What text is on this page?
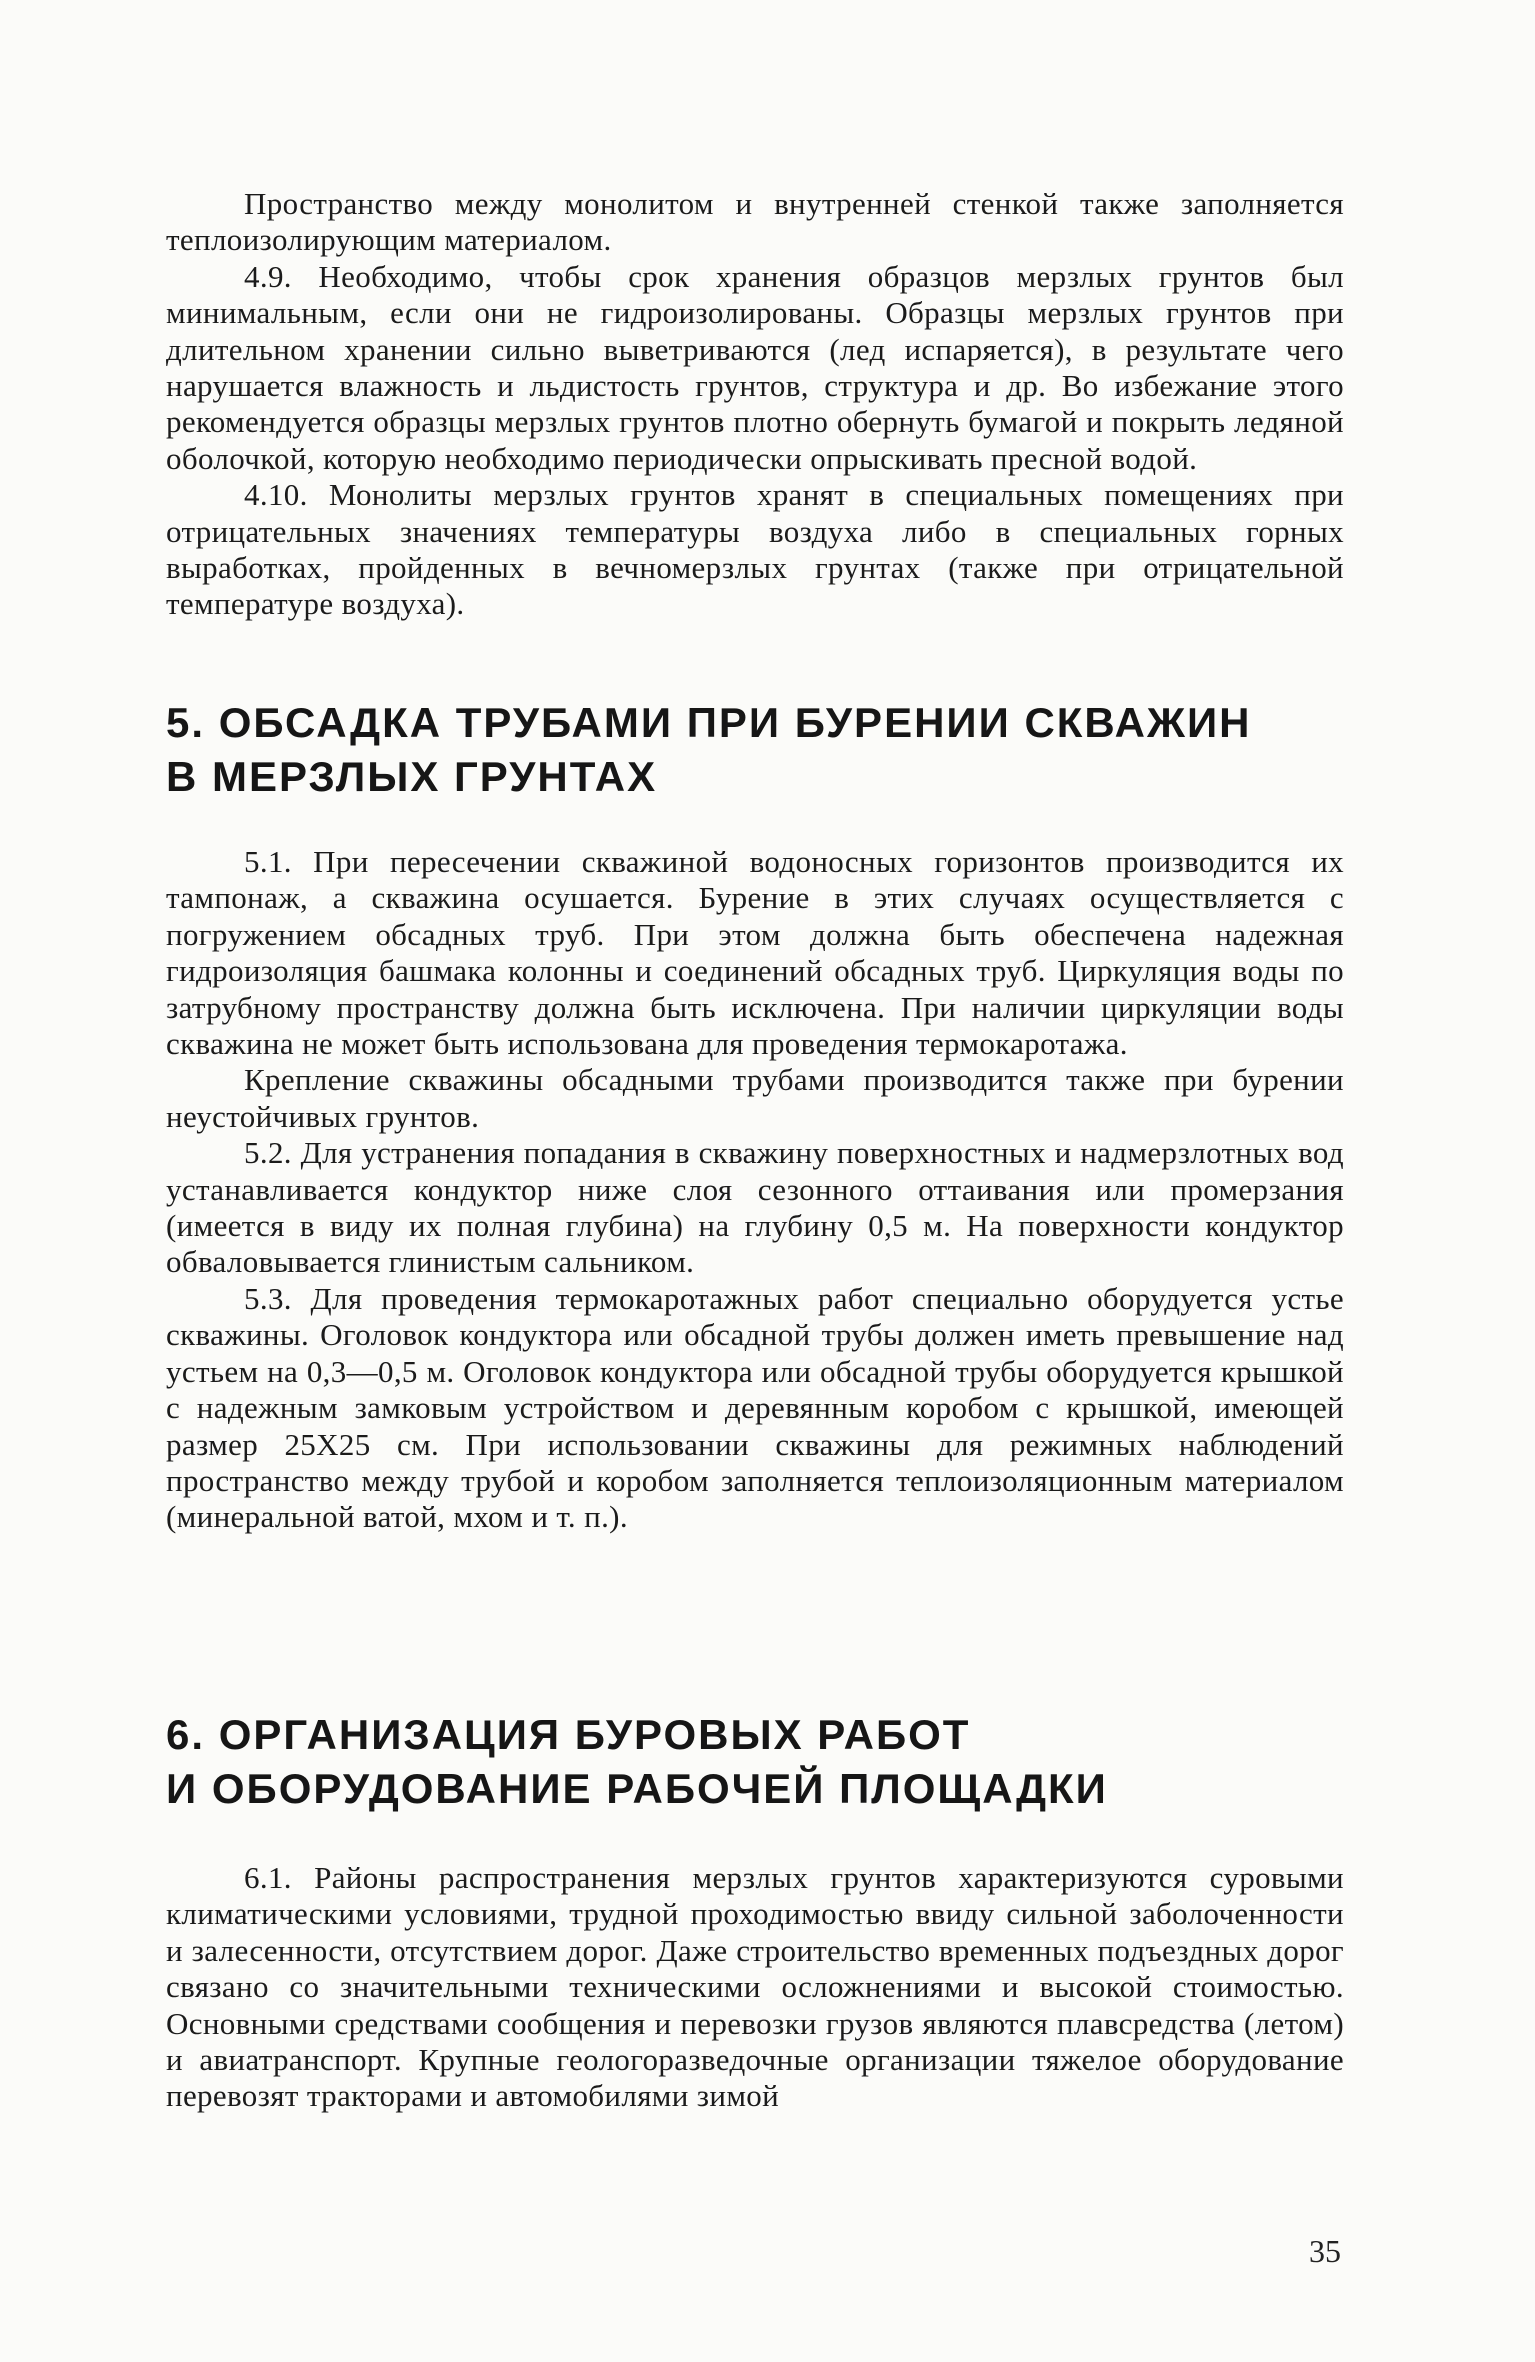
Пространство между монолитом и внутренней стенкой также заполняется теплоизолирующим материалом.

4.9. Необходимо, чтобы срок хранения образцов мерзлых грунтов был минимальным, если они не гидроизолированы. Образцы мерзлых грунтов при длительном хранении сильно выветриваются (лед испаряется), в результате чего нарушается влажность и льдистость грунтов, структура и др. Во избежание этого рекомендуется образцы мерзлых грунтов плотно обернуть бумагой и покрыть ледяной оболочкой, которую необходимо периодически опрыскивать пресной водой.

4.10. Монолиты мерзлых грунтов хранят в специальных помещениях при отрицательных значениях температуры воздуха либо в специальных горных выработках, пройденных в вечномерзлых грунтах (также при отрицательной температуре воздуха).

5. ОБСАДКА ТРУБАМИ ПРИ БУРЕНИИ СКВАЖИН

В МЕРЗЛЫХ ГРУНТАХ

5.1. При пересечении скважиной водоносных горизонтов производится их тампонаж, а скважина осушается. Бурение в этих случаях осуществляется с погружением обсадных труб. При этом должна быть обеспечена надежная гидроизоляция башмака колонны и соединений обсадных труб. Циркуляция воды по затрубному пространству должна быть исключена. При наличии циркуляции воды скважина не может быть использована для проведения термокаротажа.

Крепление скважины обсадными трубами производится также при бурении неустойчивых грунтов.

5.2. Для устранения попадания в скважину поверхностных и надмерзлотных вод устанавливается кондуктор ниже слоя сезонного оттаивания или промерзания (имеется в виду их полная глубина) на глубину 0,5 м. На поверхности кондуктор обваловывается глинистым сальником.

5.3. Для проведения термокаротажных работ специально оборудуется устье скважины. Оголовок кондуктора или обсадной трубы должен иметь превышение над устьем на 0,3—0,5 м. Оголовок кондуктора или обсадной трубы оборудуется крышкой с надежным замковым устройством и деревянным коробом с крышкой, имеющей размер 25Х25 см. При использовании скважины для режимных наблюдений пространство между трубой и коробом заполняется теплоизоляционным материалом (минеральной ватой, мхом и т. п.).

6. ОРГАНИЗАЦИЯ БУРОВЫХ РАБОТ

И ОБОРУДОВАНИЕ РАБОЧЕЙ ПЛОЩАДКИ

6.1. Районы распространения мерзлых грунтов характеризуются суровыми климатическими условиями, трудной проходимостью ввиду сильной заболоченности и залесенности, отсутствием дорог. Даже строительство временных подъездных дорог связано со значительными техническими осложнениями и высокой стоимостью. Основными средствами сообщения и перевозки грузов являются плавсредства (летом) и авиатранспорт. Крупные геологоразведочные организации тяжелое оборудование перевозят тракторами и автомобилями зимой

35
